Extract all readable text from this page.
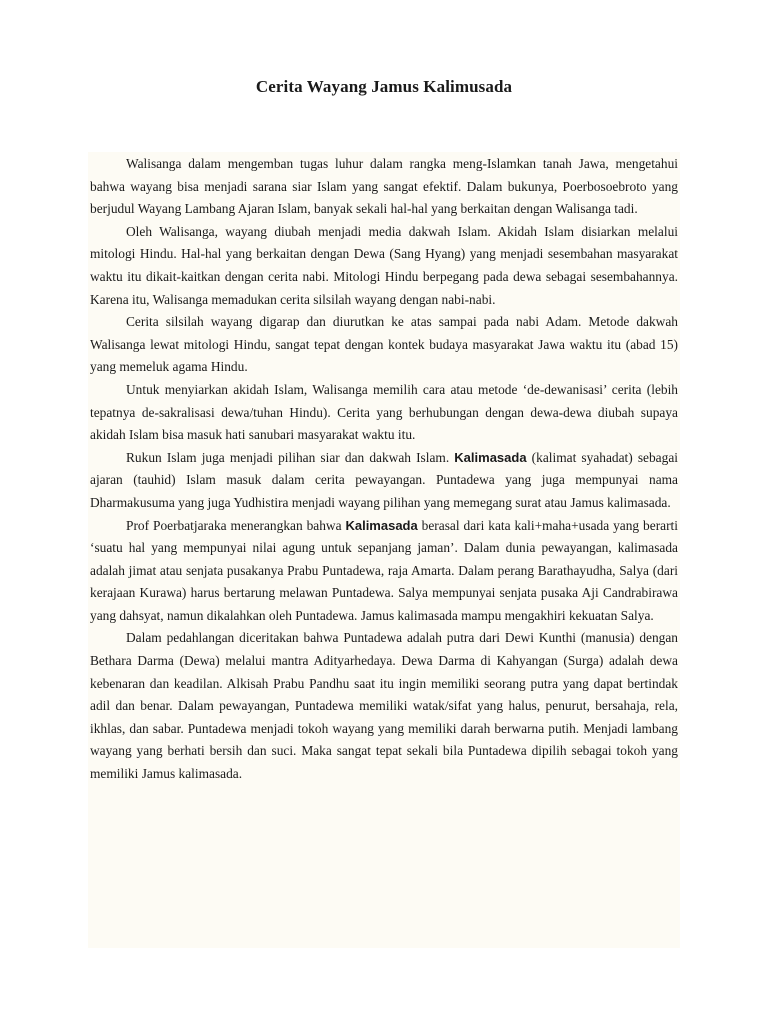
Cerita Wayang Jamus Kalimusada

Walisanga dalam mengemban tugas luhur dalam rangka meng-Islamkan tanah Jawa, mengetahui bahwa wayang bisa menjadi sarana siar Islam yang sangat efektif. Dalam bukunya, Poerbosoebroto yang berjudul Wayang Lambang Ajaran Islam, banyak sekali hal-hal yang berkaitan dengan Walisanga tadi.

Oleh Walisanga, wayang diubah menjadi media dakwah Islam. Akidah Islam disiarkan melalui mitologi Hindu. Hal-hal yang berkaitan dengan Dewa (Sang Hyang) yang menjadi sesembahan masyarakat waktu itu dikait-kaitkan dengan cerita nabi. Mitologi Hindu berpegang pada dewa sebagai sesembahannya. Karena itu, Walisanga memadukan cerita silsilah wayang dengan nabi-nabi.

Cerita silsilah wayang digarap dan diurutkan ke atas sampai pada nabi Adam. Metode dakwah Walisanga lewat mitologi Hindu, sangat tepat dengan kontek budaya masyarakat Jawa waktu itu (abad 15) yang memeluk agama Hindu.

Untuk menyiarkan akidah Islam, Walisanga memilih cara atau metode ‘de-dewanisasi’ cerita (lebih tepatnya de-sakralisasi dewa/tuhan Hindu). Cerita yang berhubungan dengan dewa-dewa diubah supaya akidah Islam bisa masuk hati sanubari masyarakat waktu itu.

Rukun Islam juga menjadi pilihan siar dan dakwah Islam. Kalimasada (kalimat syahadat) sebagai ajaran (tauhid) Islam masuk dalam cerita pewayangan. Puntadewa yang juga mempunyai nama Dharmakusuma yang juga Yudhistira menjadi wayang pilihan yang memegang surat atau Jamus kalimasada.

Prof Poerbatjaraka menerangkan bahwa Kalimasada berasal dari kata kali+maha+usada yang berarti ‘suatu hal yang mempunyai nilai agung untuk sepanjang jaman’. Dalam dunia pewayangan, kalimasada adalah jimat atau senjata pusakanya Prabu Puntadewa, raja Amarta. Dalam perang Barathayudha, Salya (dari kerajaan Kurawa) harus bertarung melawan Puntadewa. Salya mempunyai senjata pusaka Aji Candrabirawa yang dahsyat, namun dikalahkan oleh Puntadewa. Jamus kalimasada mampu mengakhiri kekuatan Salya.

Dalam pedahlangan diceritakan bahwa Puntadewa adalah putra dari Dewi Kunthi (manusia) dengan Bethara Darma (Dewa) melalui mantra Adityarhedaya. Dewa Darma di Kahyangan (Surga) adalah dewa kebenaran dan keadilan. Alkisah Prabu Pandhu saat itu ingin memiliki seorang putra yang dapat bertindak adil dan benar. Dalam pewayangan, Puntadewa memiliki watak/sifat yang halus, penurut, bersahaja, rela, ikhlas, dan sabar. Puntadewa menjadi tokoh wayang yang memiliki darah berwarna putih. Menjadi lambang wayang yang berhati bersih dan suci. Maka sangat tepat sekali bila Puntadewa dipilih sebagai tokoh yang memiliki Jamus kalimasada.
